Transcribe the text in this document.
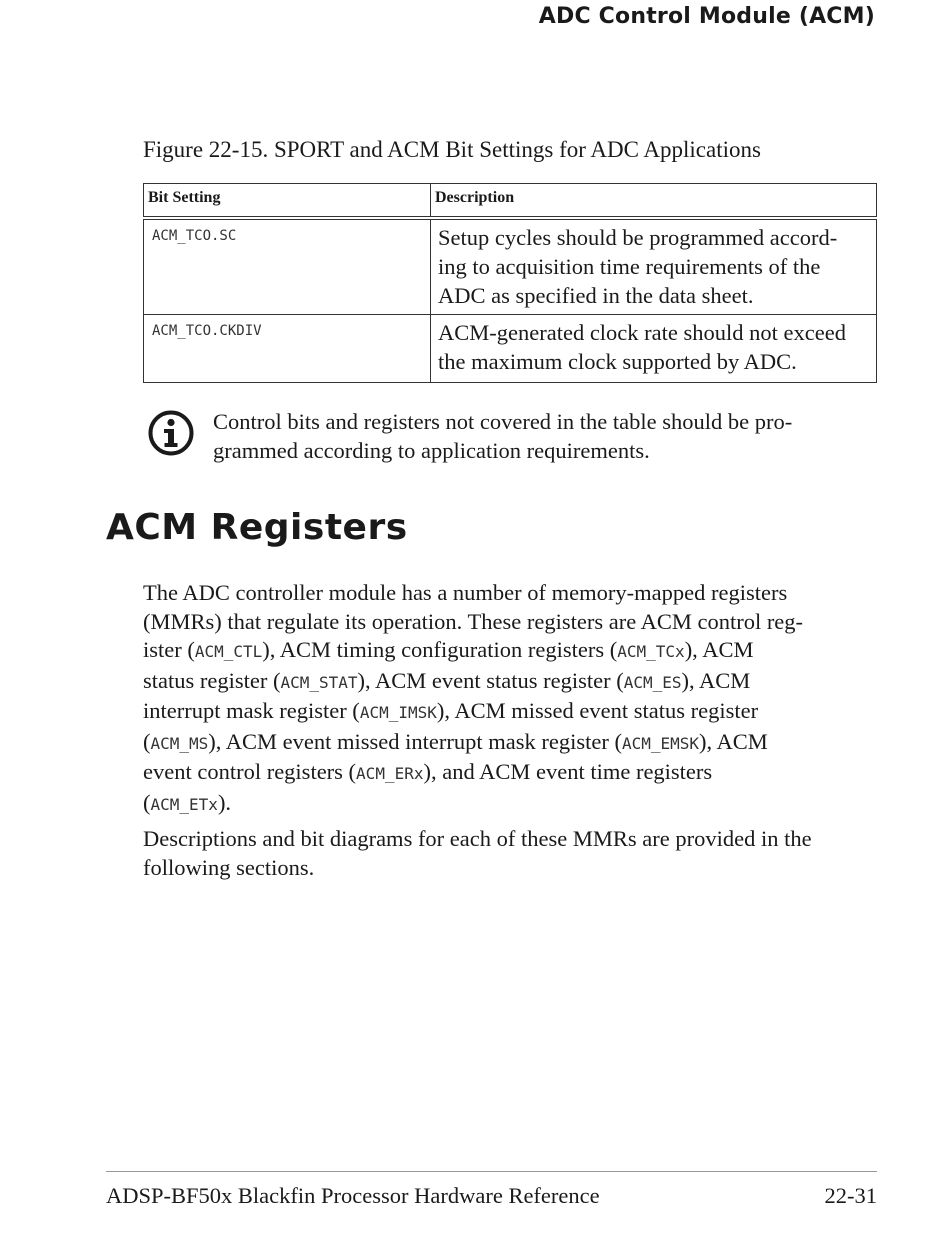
ADC Control Module (ACM)
Figure 22-15. SPORT and ACM Bit Settings for ADC Applications
Bit Setting	Description
ACM_TCO.SC	Setup cycles should be programmed accord-
ing to acquisition time requirements of the
ADC as specified in the data sheet.

ACM_TCO.CKDIV	ACM-generated clock rate should not exceed
the maximum clock supported by ADC.
Control bits and registers not covered in the table should be pro-
grammed according to application requirements.
ACM Registers
The ADC controller module has a number of memory-mapped registers
(MMRs) that regulate its operation. These registers are ACM control reg-
ister (ACM_CTL), ACM timing configuration registers (ACM_TCx), ACM
status register (ACM_STAT), ACM event status register (ACM_ES), ACM
interrupt mask register (ACM_IMSK), ACM missed event status register
(ACM_MS), ACM event missed interrupt mask register (ACM_EMSK), ACM
event control registers (ACM_ERx), and ACM event time registers
(ACM_ETx).
Descriptions and bit diagrams for each of these MMRs are provided in the
following sections.
ADSP-BF50x Blackfin Processor Hardware Reference	22-31
